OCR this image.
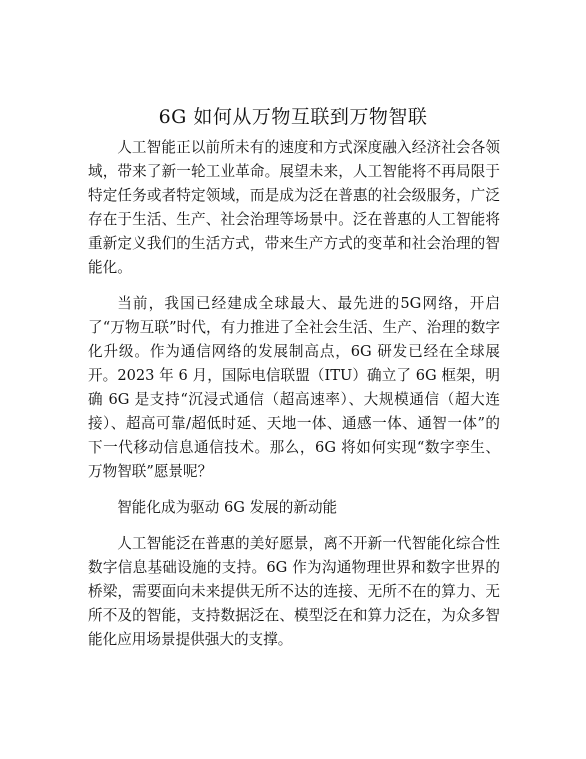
6G 如何从万物互联到万物智联

人工智能正以前所未有的速度和方式深度融入经济社会各领域，带来了新一轮工业革命。展望未来，人工智能将不再局限于特定任务或者特定领域，而是成为泛在普惠的社会级服务，广泛存在于生活、生产、社会治理等场景中。泛在普惠的人工智能将重新定义我们的生活方式，带来生产方式的变革和社会治理的智能化。

当前，我国已经建成全球最大、最先进的5G网络，开启了“万物互联”时代，有力推进了全社会生活、生产、治理的数字化升级。作为通信网络的发展制高点，6G 研发已经在全球展开。2023 年 6 月，国际电信联盟（ITU）确立了 6G 框架，明确 6G 是支持“沉浸式通信（超高速率）、大规模通信（超大连接）、超高可靠/超低时延、天地一体、通感一体、通智一体”的下一代移动信息通信技术。那么，6G 将如何实现“数字孪生、万物智联”愿景呢？

智能化成为驱动 6G 发展的新动能

人工智能泛在普惠的美好愿景，离不开新一代智能化综合性数字信息基础设施的支持。6G 作为沟通物理世界和数字世界的桥梁，需要面向未来提供无所不达的连接、无所不在的算力、无所不及的智能，支持数据泛在、模型泛在和算力泛在，为众多智能化应用场景提供强大的支撑。
